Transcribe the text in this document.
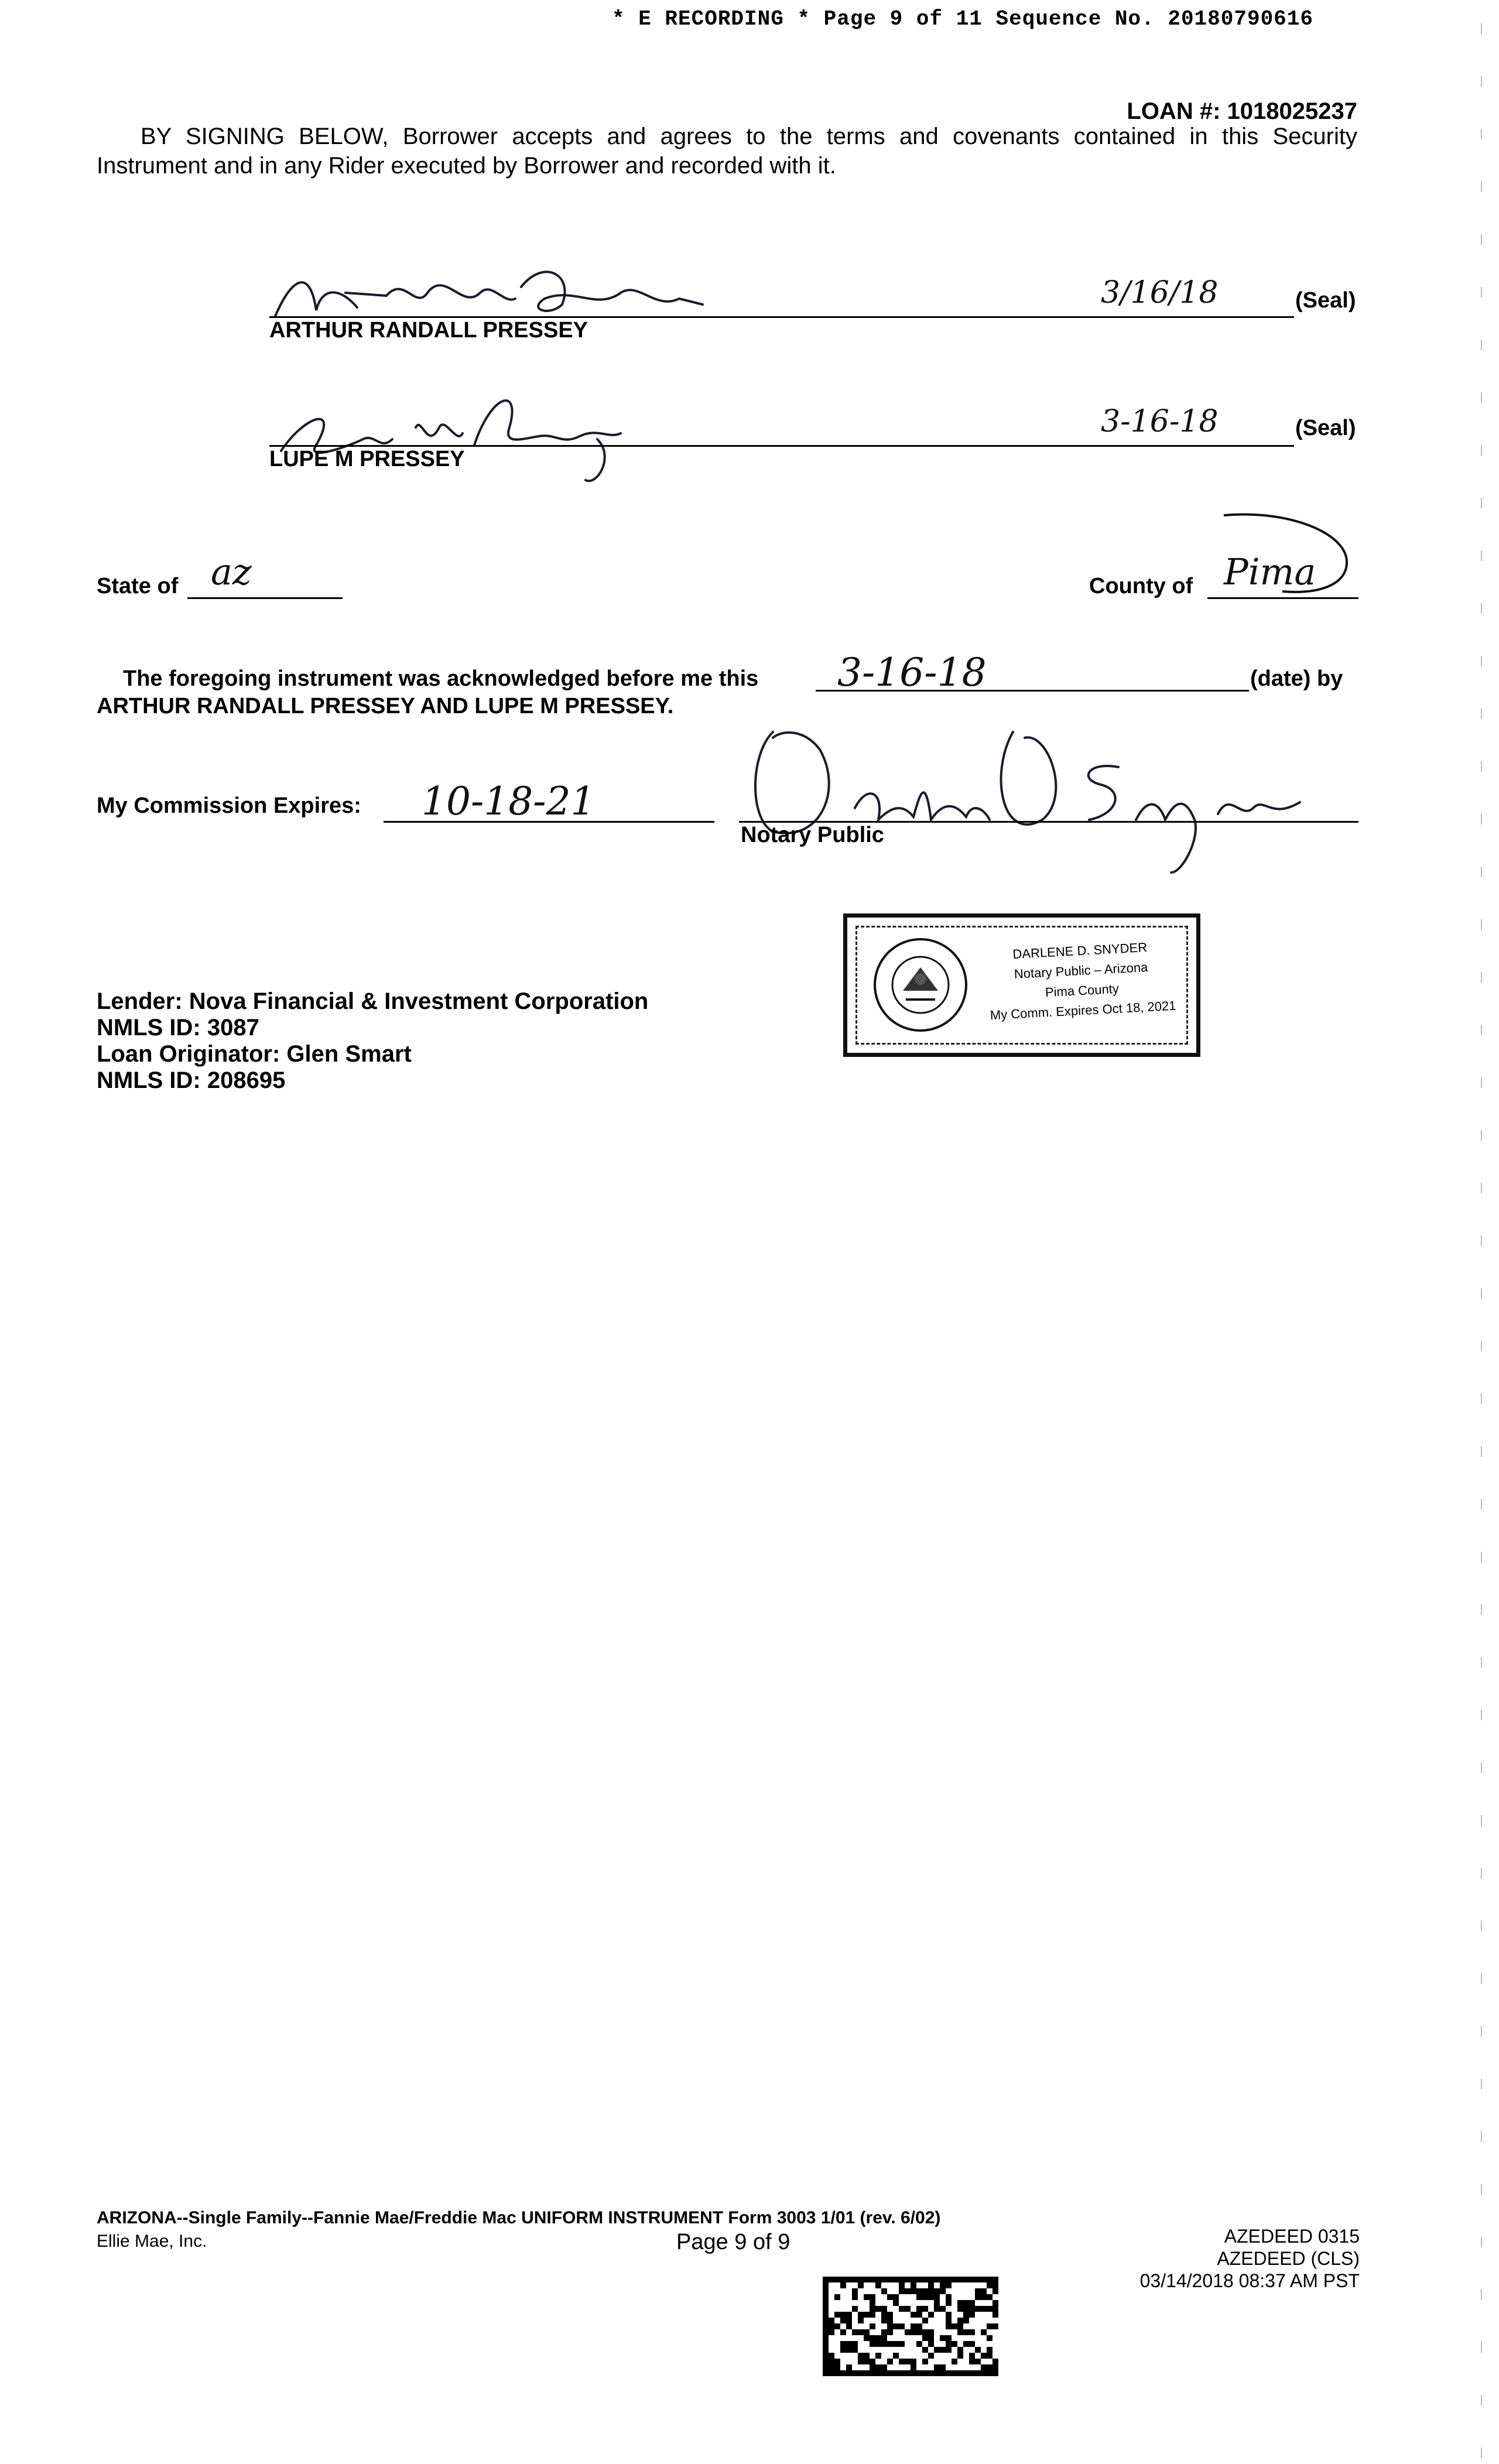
* E RECORDING * Page 9 of 11 Sequence No. 20180790616
LOAN #: 1018025237
BY SIGNING BELOW, Borrower accepts and agrees to the terms and covenants contained in this Security Instrument and in any Rider executed by Borrower and recorded with it.
ARTHUR RANDALL PRESSEY
3/16/18	(Seal)
LUPE M PRESSEY
3-16-18	(Seal)
State of az	County of Pima
The foregoing instrument was acknowledged before me this 3-16-18	(date) by
ARTHUR RANDALL PRESSEY AND LUPE M PRESSEY.
My Commission Expires: 10-18-21
Notary Public
DARLENE D. SNYDER
Notary Public – Arizona
Pima County
My Comm. Expires Oct 18, 2021
Lender: Nova Financial & Investment Corporation
NMLS ID: 3087
Loan Originator: Glen Smart
NMLS ID: 208695
ARIZONA--Single Family--Fannie Mae/Freddie Mac UNIFORM INSTRUMENT Form 3003 1/01 (rev. 6/02)
Ellie Mae, Inc.	Page 9 of 9	AZEDEED 0315
AZEDEED (CLS)
03/14/2018 08:37 AM PST
